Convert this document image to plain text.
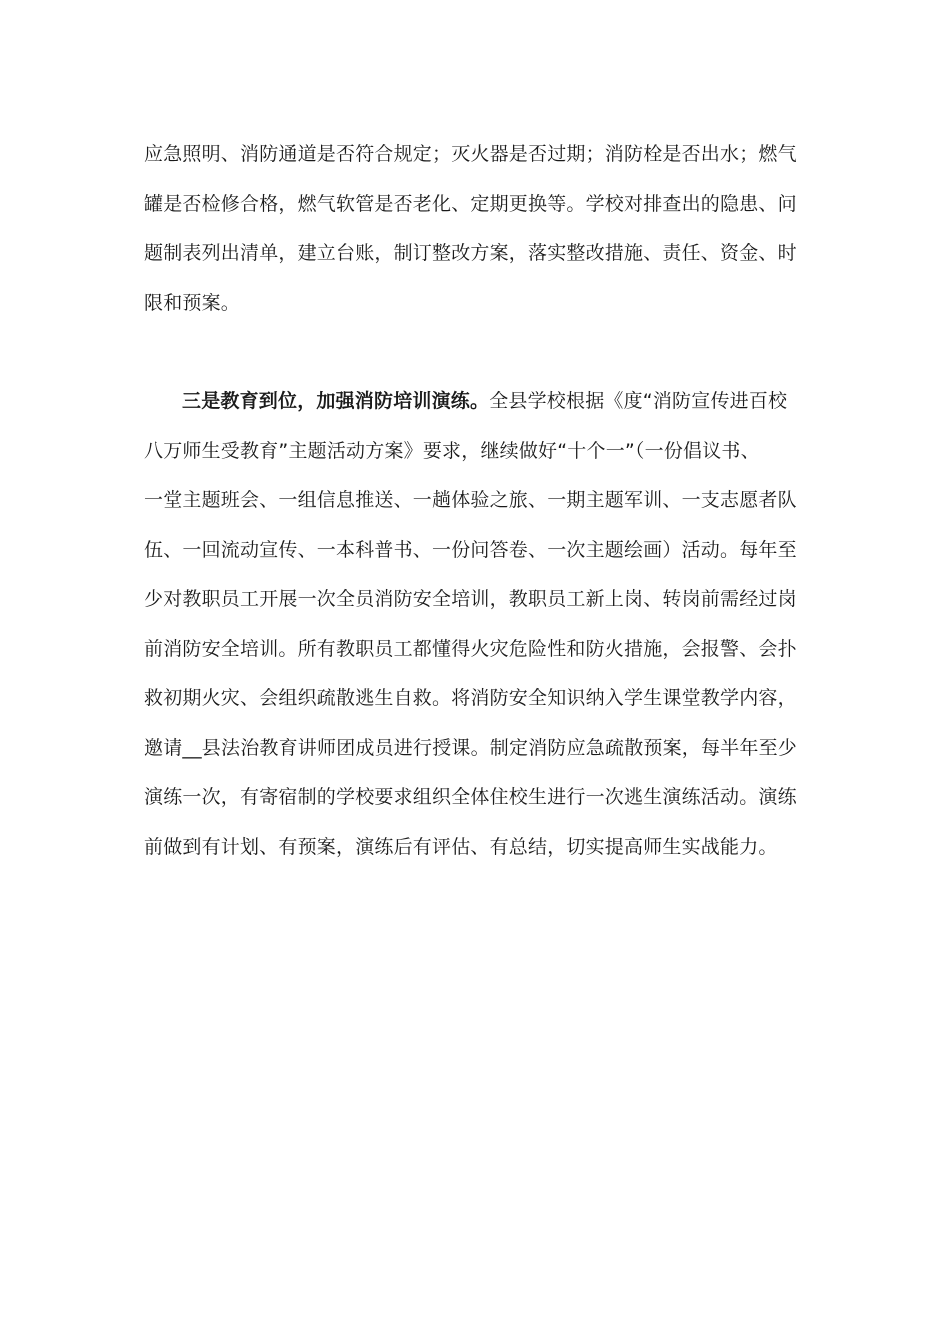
应急照明、消防通道是否符合规定；灭火器是否过期；消防栓是否出水；燃气
罐是否检修合格，燃气软管是否老化、定期更换等。学校对排查出的隐患、问
题制表列出清单，建立台账，制订整改方案，落实整改措施、责任、资金、时
限和预案。

三是教育到位，加强消防培训演练。全县学校根据《度“消防宣传进百校
八万师生受教育”主题活动方案》要求，继续做好“十个一”（一份倡议书、
一堂主题班会、一组信息推送、一趟体验之旅、一期主题军训、一支志愿者队
伍、一回流动宣传、一本科普书、一份问答卷、一次主题绘画）活动。每年至
少对教职员工开展一次全员消防安全培训，教职员工新上岗、转岗前需经过岗
前消防安全培训。所有教职员工都懂得火灾危险性和防火措施，会报警、会扑
救初期火灾、会组织疏散逃生自救。将消防安全知识纳入学生课堂教学内容，
邀请__县法治教育讲师团成员进行授课。制定消防应急疏散预案，每半年至少
演练一次，有寄宿制的学校要求组织全体住校生进行一次逃生演练活动。演练
前做到有计划、有预案，演练后有评估、有总结，切实提高师生实战能力。
